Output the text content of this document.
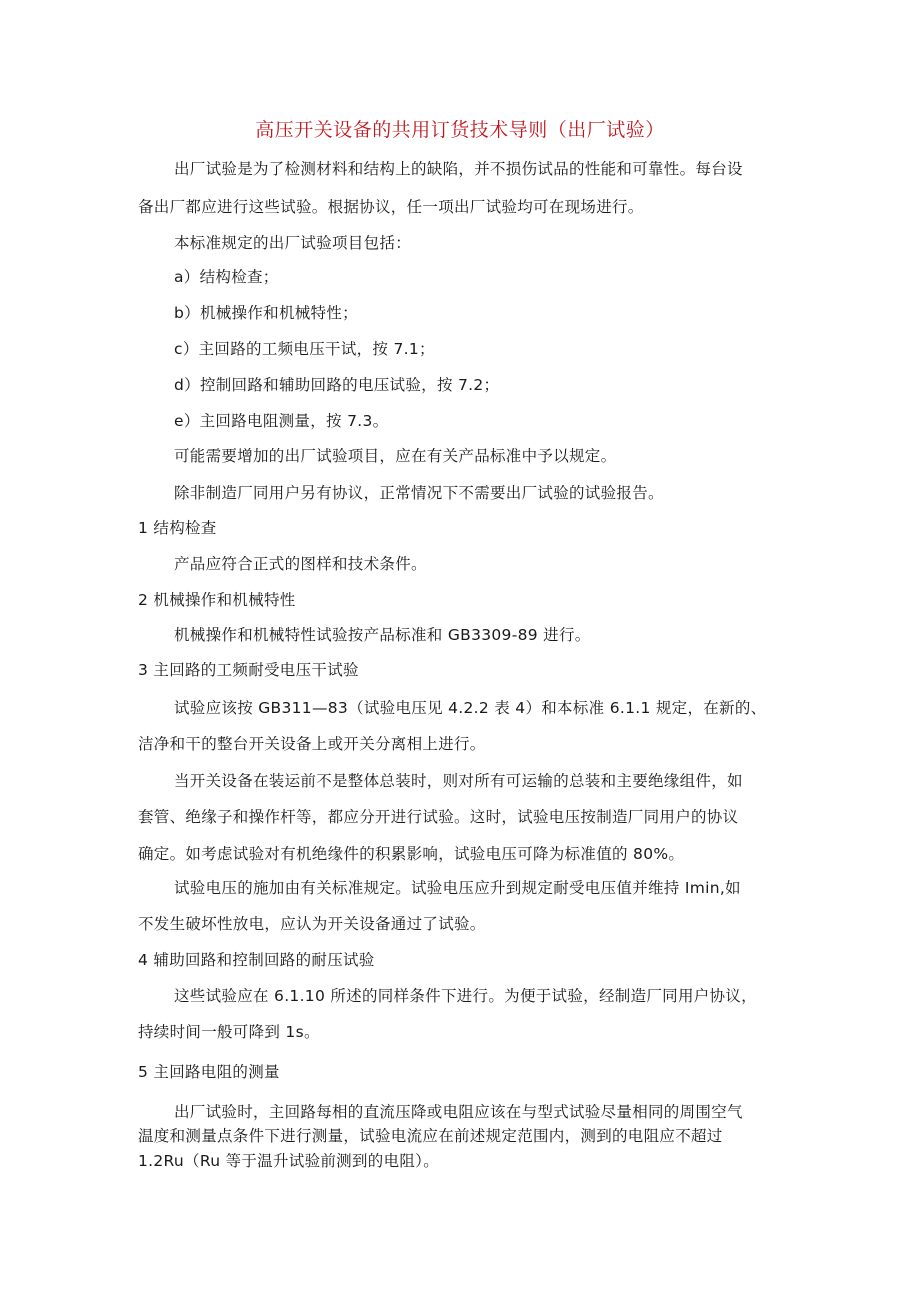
高压开关设备的共用订货技术导则（出厂试验）
出厂试验是为了检测材料和结构上的缺陷，并不损伤试品的性能和可靠性。每台设
备出厂都应进行这些试验。根据协议，任一项出厂试验均可在现场进行。
本标准规定的出厂试验项目包括：
a）结构检查；
b）机械操作和机械特性；
c）主回路的工频电压干试，按 7.1；
d）控制回路和辅助回路的电压试验，按 7.2；
e）主回路电阻测量，按 7.3。
可能需要增加的出厂试验项目，应在有关产品标准中予以规定。
除非制造厂同用户另有协议，正常情况下不需要出厂试验的试验报告。
1 结构检查
产品应符合正式的图样和技术条件。
2 机械操作和机械特性
机械操作和机械特性试验按产品标准和 GB3309-89 进行。
3 主回路的工频耐受电压干试验
试验应该按 GB311—83（试验电压见 4.2.2 表 4）和本标准 6.1.1 规定，在新的、
洁净和干的整台开关设备上或开关分离相上进行。
当开关设备在装运前不是整体总装时，则对所有可运输的总装和主要绝缘组件，如
套管、绝缘子和操作杆等，都应分开进行试验。这时，试验电压按制造厂同用户的协议
确定。如考虑试验对有机绝缘件的积累影响，试验电压可降为标准值的 80%。
试验电压的施加由有关标准规定。试验电压应升到规定耐受电压值并维持 Imin,如
不发生破坏性放电，应认为开关设备通过了试验。
4 辅助回路和控制回路的耐压试验
这些试验应在 6.1.10 所述的同样条件下进行。为便于试验，经制造厂同用户协议，
持续时间一般可降到 1s。
5 主回路电阻的测量
出厂试验时，主回路每相的直流压降或电阻应该在与型式试验尽量相同的周围空气
温度和测量点条件下进行测量，试验电流应在前述规定范围内，测到的电阻应不超过
1.2Ru（Ru 等于温升试验前测到的电阻）。
